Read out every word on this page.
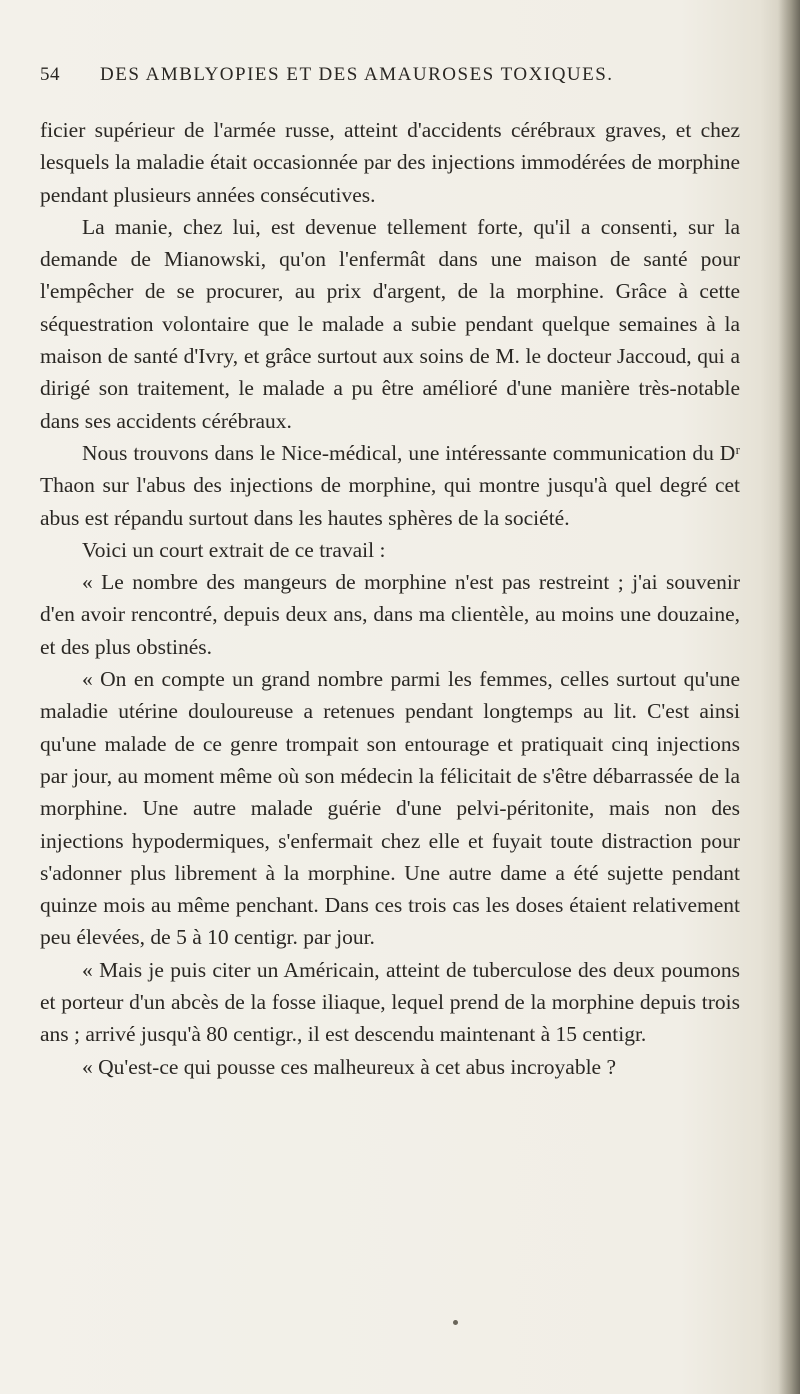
54 DES AMBLYOPIES ET DES AMAUROSES TOXIQUES.

ficier supérieur de l'armée russe, atteint d'accidents cérébraux graves, et chez lesquels la maladie était occasionnée par des injections immodérées de morphine pendant plusieurs années consécutives.

La manie, chez lui, est devenue tellement forte, qu'il a consenti, sur la demande de Mianowski, qu'on l'enfermât dans une maison de santé pour l'empêcher de se procurer, au prix d'argent, de la morphine. Grâce à cette séquestration volontaire que le malade a subie pendant quelque semaines à la maison de santé d'Ivry, et grâce surtout aux soins de M. le docteur Jaccoud, qui a dirigé son traitement, le malade a pu être amélioré d'une manière très-notable dans ses accidents cérébraux.

Nous trouvons dans le Nice-médical, une intéressante communication du Dʳ Thaon sur l'abus des injections de morphine, qui montre jusqu'à quel degré cet abus est répandu surtout dans les hautes sphères de la société.

Voici un court extrait de ce travail :

« Le nombre des mangeurs de morphine n'est pas restreint ; j'ai souvenir d'en avoir rencontré, depuis deux ans, dans ma clientèle, au moins une douzaine, et des plus obstinés.

« On en compte un grand nombre parmi les femmes, celles surtout qu'une maladie utérine douloureuse a retenues pendant longtemps au lit. C'est ainsi qu'une malade de ce genre trompait son entourage et pratiquait cinq injections par jour, au moment même où son médecin la félicitait de s'être débarrassée de la morphine. Une autre malade guérie d'une pelvi-péritonite, mais non des injections hypodermiques, s'enfermait chez elle et fuyait toute distraction pour s'adonner plus librement à la morphine. Une autre dame a été sujette pendant quinze mois au même penchant. Dans ces trois cas les doses étaient relativement peu élevées, de 5 à 10 centigr. par jour.

« Mais je puis citer un Américain, atteint de tuberculose des deux poumons et porteur d'un abcès de la fosse iliaque, lequel prend de la morphine depuis trois ans ; arrivé jusqu'à 80 centigr., il est descendu maintenant à 15 centigr.

« Qu'est-ce qui pousse ces malheureux à cet abus incroyable ?
